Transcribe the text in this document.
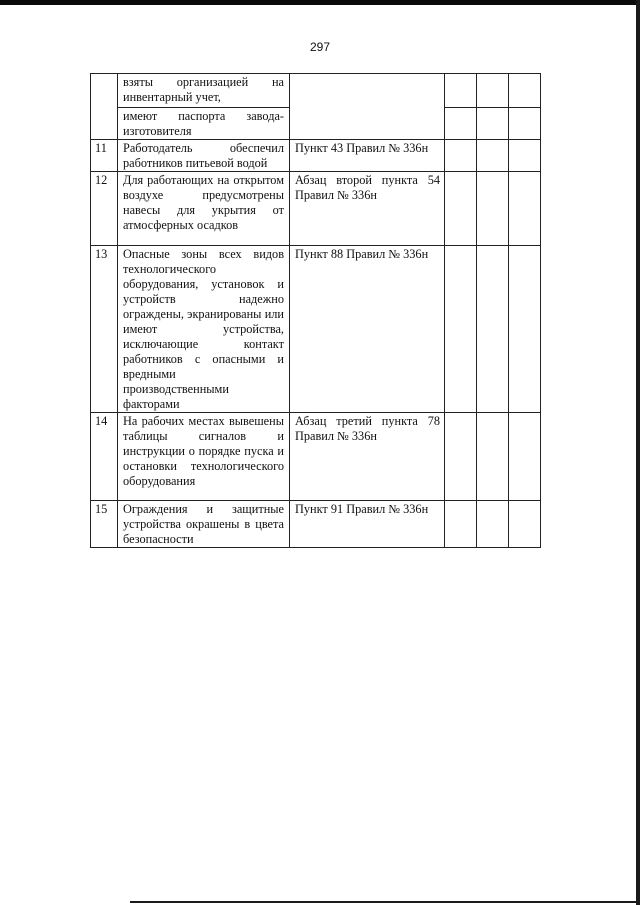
297
	взяты организацией на инвентарный учет,				
	имеют паспорта завода-изготовителя				
11	Работодатель обеспечил работников питьевой водой	Пункт 43 Правил № 336н			
12	Для работающих на открытом воздухе предусмотрены навесы для укрытия от атмосферных осадков	Абзац второй пункта 54 Правил № 336н			
13	Опасные зоны всех видов технологического оборудования, установок и устройств надежно ограждены, экранированы или имеют устройства, исключающие контакт работников с опасными и вредными производственными факторами	Пункт 88 Правил № 336н			
14	На рабочих местах вывешены таблицы сигналов и инструкции о порядке пуска и остановки технологического оборудования	Абзац третий пункта 78 Правил № 336н			
15	Ограждения и защитные устройства окрашены в цвета безопасности	Пункт 91 Правил № 336н			
